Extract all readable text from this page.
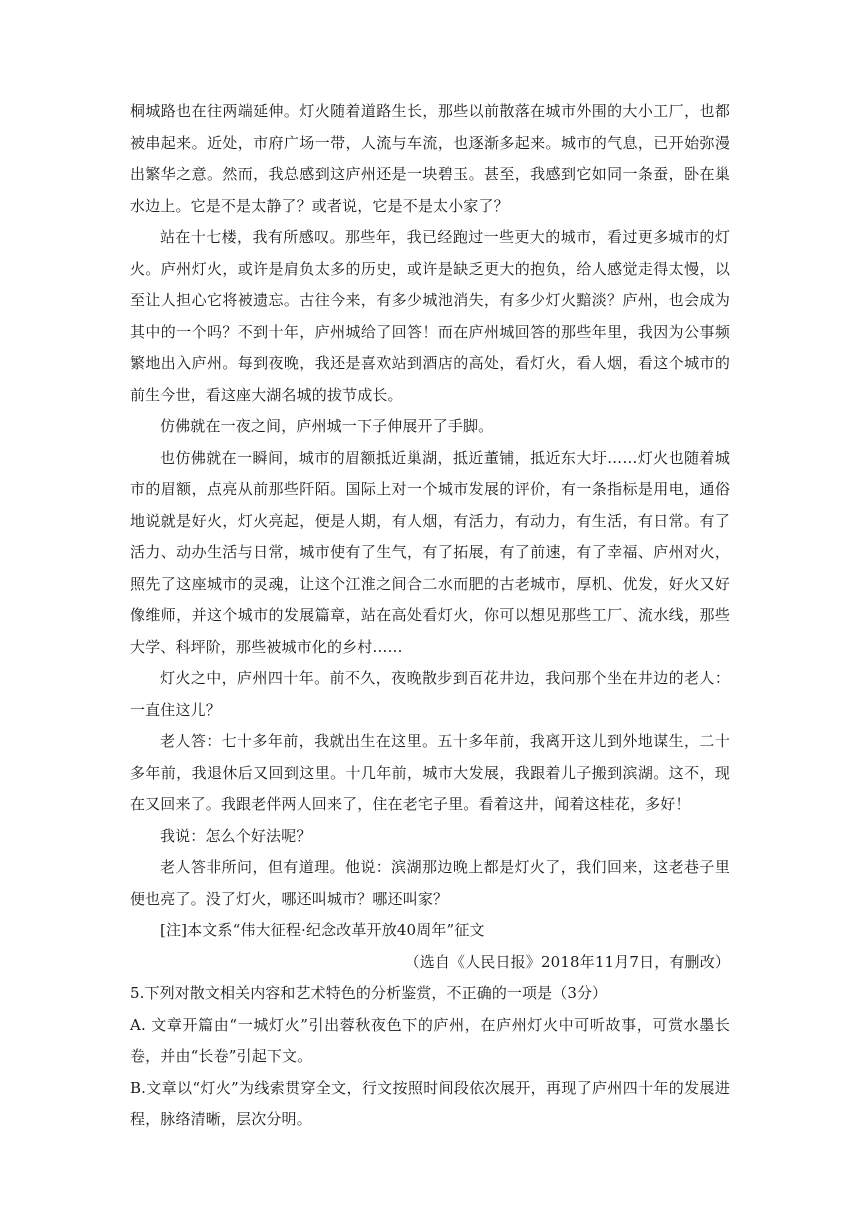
桐城路也在往两端延伸。灯火随着道路生长，那些以前散落在城市外围的大小工厂，也都被串起来。近处，市府广场一带，人流与车流，也逐渐多起来。城市的气息，已开始弥漫出繁华之意。然而，我总感到这庐州还是一块碧玉。甚至，我感到它如同一条蚕，卧在巢水边上。它是不是太静了？或者说，它是不是太小家了？

站在十七楼，我有所感叹。那些年，我已经跑过一些更大的城市，看过更多城市的灯火。庐州灯火，或许是肩负太多的历史，或许是缺乏更大的抱负，给人感觉走得太慢，以至让人担心它将被遗忘。古往今来，有多少城池消失，有多少灯火黯淡？庐州，也会成为其中的一个吗？不到十年，庐州城给了回答！而在庐州城回答的那些年里，我因为公事频繁地出入庐州。每到夜晚，我还是喜欢站到酒店的高处，看灯火，看人烟，看这个城市的前生今世，看这座大湖名城的拔节成长。

仿佛就在一夜之间，庐州城一下子伸展开了手脚。

也仿佛就在一瞬间，城市的眉额抵近巢湖，抵近董铺，抵近东大圩……灯火也随着城市的眉额，点亮从前那些阡陌。国际上对一个城市发展的评价，有一条指标是用电，通俗地说就是好火，灯火亮起，便是人期，有人烟，有活力，有动力，有生活，有日常。有了活力、动办生活与日常，城市使有了生气，有了拓展，有了前速，有了幸福、庐州对火，照先了这座城市的灵魂，让这个江淮之间合二水而肥的古老城市，厚机、优发，好火又好像维师，并这个城市的发展篇章，站在高处看灯火，你可以想见那些工厂、流水线，那些大学、科坪阶，那些被城市化的乡村……

灯火之中，庐州四十年。前不久，夜晚散步到百花井边，我问那个坐在井边的老人：一直住这儿？

老人答：七十多年前，我就出生在这里。五十多年前，我离开这儿到外地谋生，二十多年前，我退休后又回到这里。十几年前，城市大发展，我跟着儿子搬到滨湖。这不，现在又回来了。我跟老伴两人回来了，住在老宅子里。看着这井，闻着这桂花，多好！

我说：怎么个好法呢？

老人答非所问，但有道理。他说：滨湖那边晚上都是灯火了，我们回来，这老巷子里便也亮了。没了灯火，哪还叫城市？哪还叫家？

[注]本文系“伟大征程·纪念改革开放40周年”征文

（选自《人民日报》2018年11月7日，有删改）

5.下列对散文相关内容和艺术特色的分析鉴赏，不正确的一项是（3分）

A. 文章开篇由“一城灯火”引出蓉秋夜色下的庐州，在庐州灯火中可听故事，可赏水墨长卷，并由“长卷”引起下文。

B.文章以“灯火”为线索贯穿全文，行文按照时间段依次展开，再现了庐州四十年的发展进程，脉络清晰，层次分明。
